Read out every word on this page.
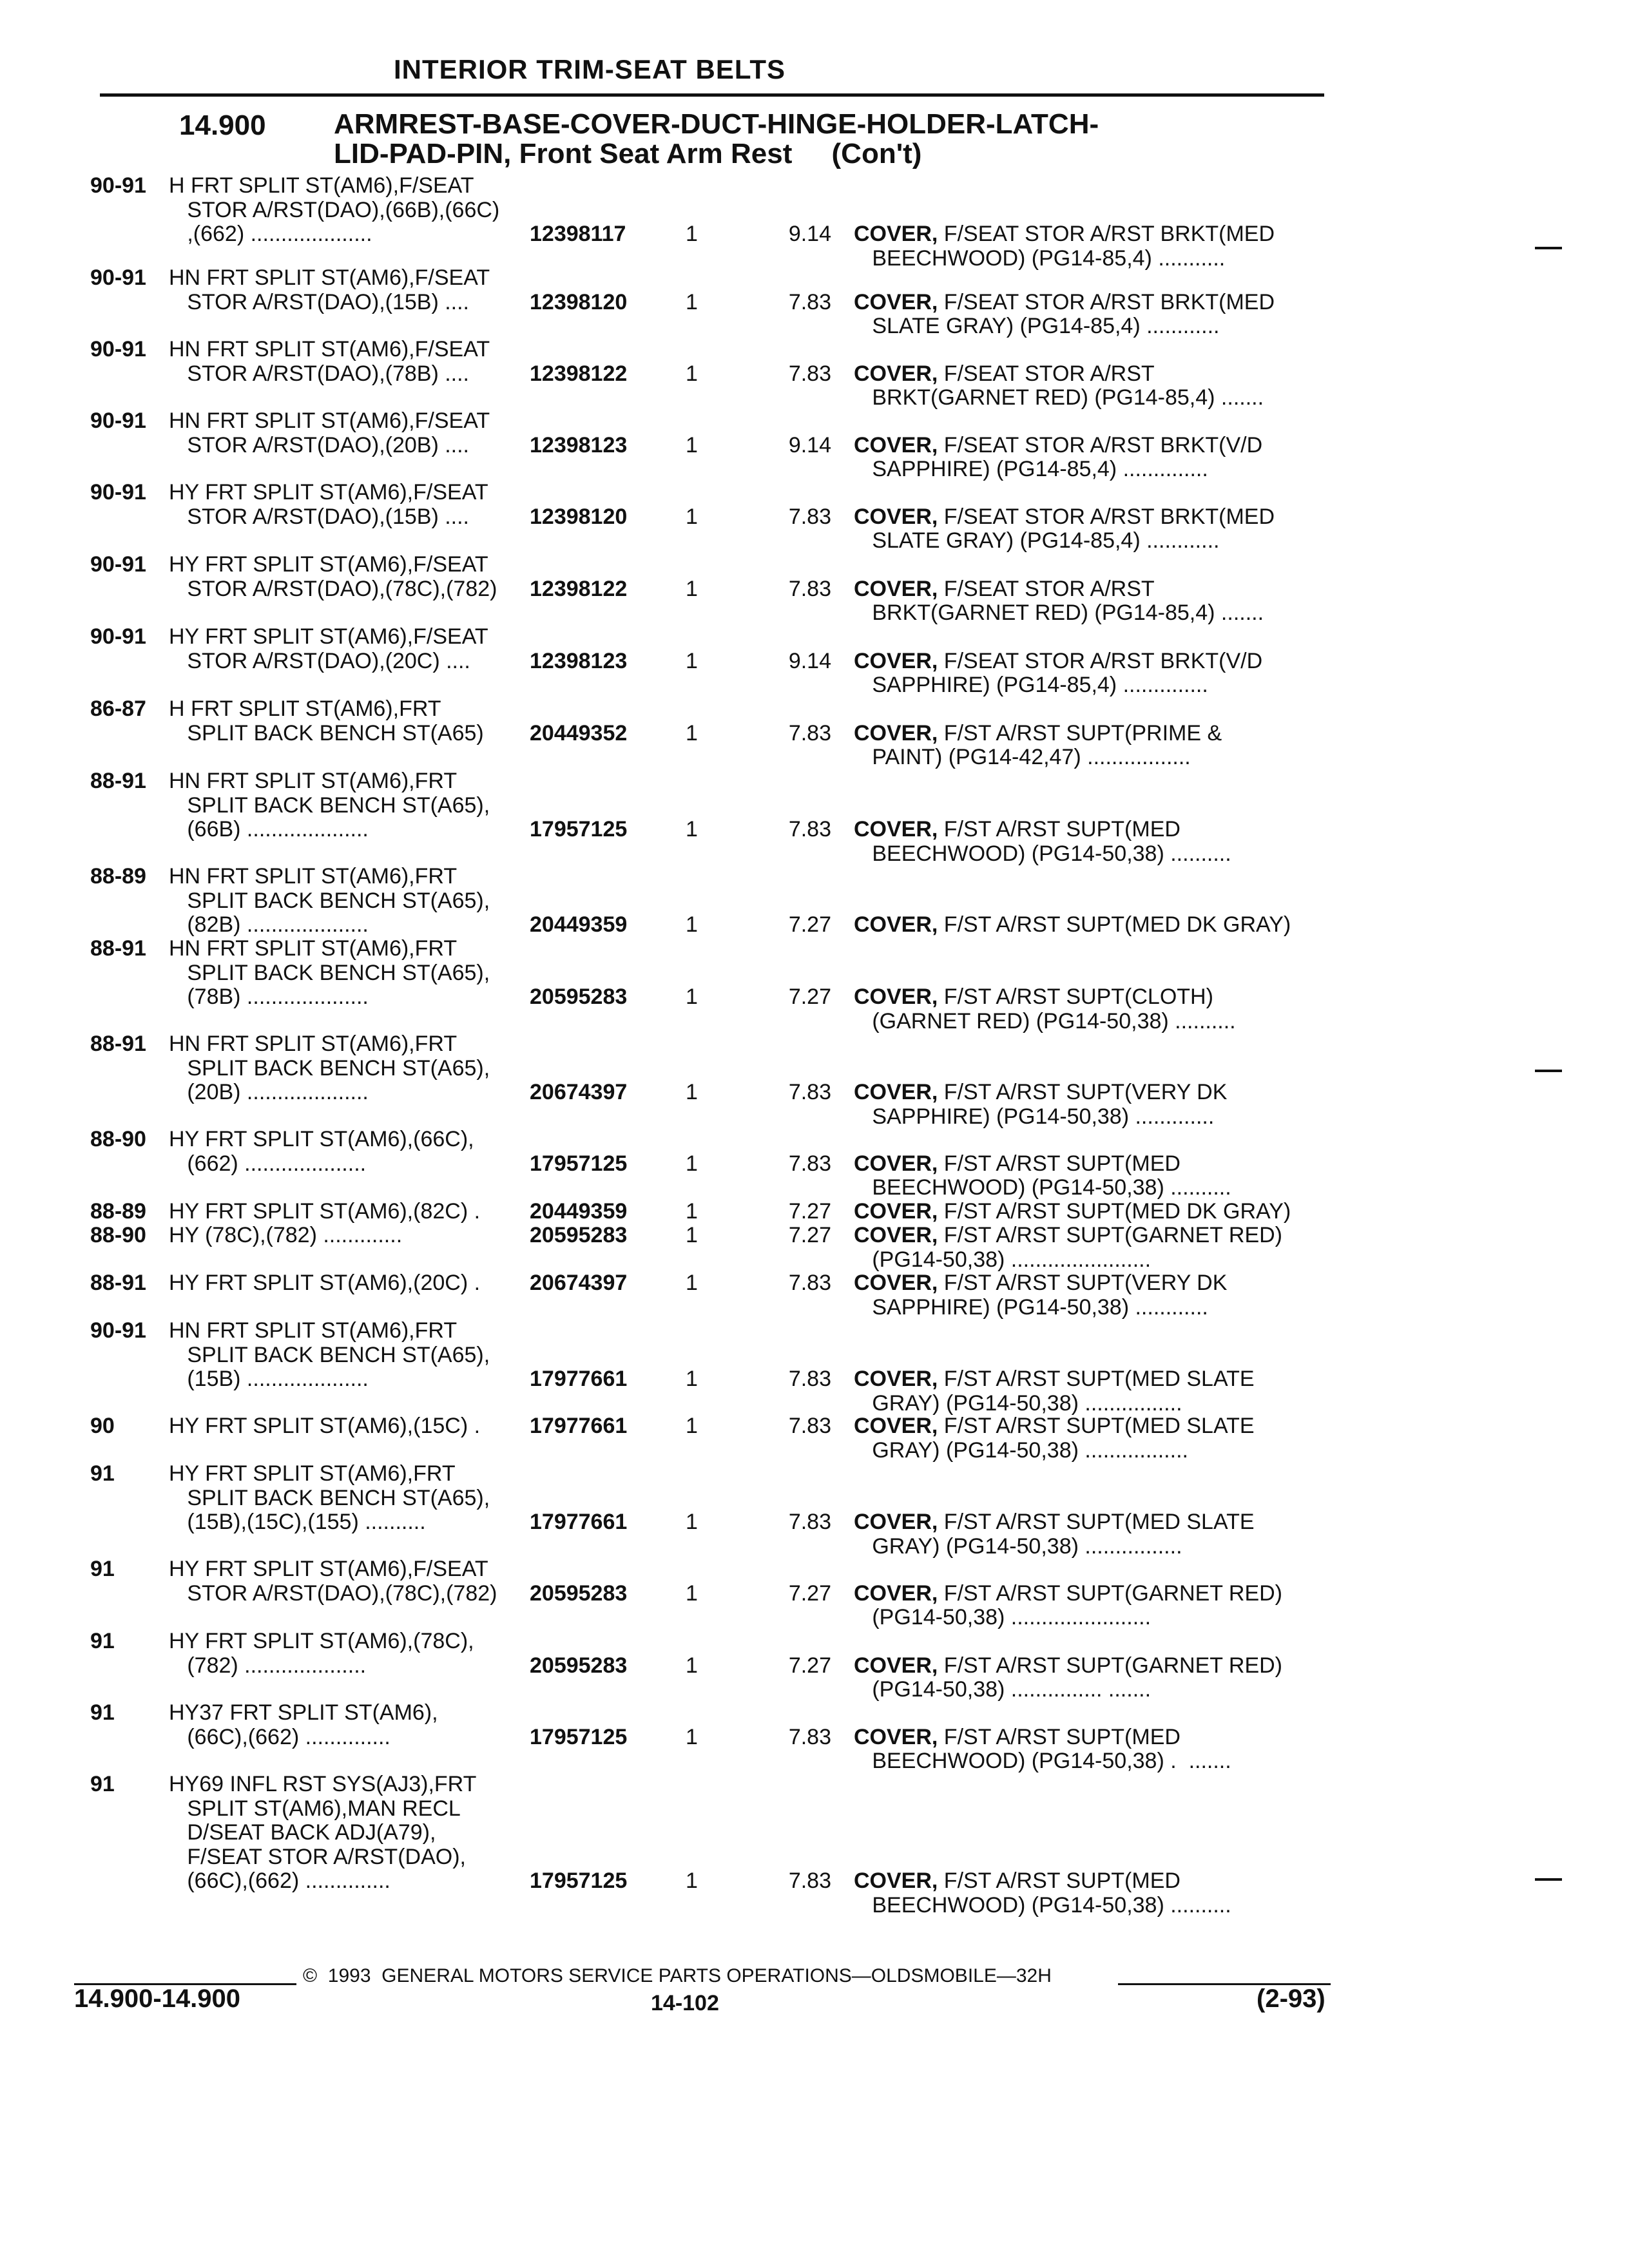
INTERIOR TRIM-SEAT BELTS
14.900 ARMREST-BASE-COVER-DUCT-HINGE-HOLDER-LATCH-
LID-PAD-PIN, Front Seat Arm Rest     (Con't)
90-91 H FRT SPLIT ST(AM6),F/SEAT
STOR A/RST(DAO),(66B),(66C)
,(662) ....................	12398117	1	9.14 COVER, F/SEAT STOR A/RST BRKT(MED
BEECHWOOD) (PG14-85,4) ...........
90-91 HN FRT SPLIT ST(AM6),F/SEAT
STOR A/RST(DAO),(15B) ....	12398120	1	7.83 COVER, F/SEAT STOR A/RST BRKT(MED
SLATE GRAY) (PG14-85,4) ............
90-91 HN FRT SPLIT ST(AM6),F/SEAT
STOR A/RST(DAO),(78B) ....	12398122	1	7.83 COVER, F/SEAT STOR A/RST
BRKT(GARNET RED) (PG14-85,4) .......
90-91 HN FRT SPLIT ST(AM6),F/SEAT
STOR A/RST(DAO),(20B) ....	12398123	1	9.14 COVER, F/SEAT STOR A/RST BRKT(V/D
SAPPHIRE) (PG14-85,4) ..............
90-91 HY FRT SPLIT ST(AM6),F/SEAT
STOR A/RST(DAO),(15B) ....	12398120	1	7.83 COVER, F/SEAT STOR A/RST BRKT(MED
SLATE GRAY) (PG14-85,4) ............
90-91 HY FRT SPLIT ST(AM6),F/SEAT
STOR A/RST(DAO),(78C),(782) 12398122	1	7.83 COVER, F/SEAT STOR A/RST
BRKT(GARNET RED) (PG14-85,4) .......
90-91 HY FRT SPLIT ST(AM6),F/SEAT
STOR A/RST(DAO),(20C) ....	12398123	1	9.14 COVER, F/SEAT STOR A/RST BRKT(V/D
SAPPHIRE) (PG14-85,4) ..............
86-87 H FRT SPLIT ST(AM6),FRT
SPLIT BACK BENCH ST(A65) 20449352	1	7.83 COVER, F/ST A/RST SUPT(PRIME &
PAINT) (PG14-42,47) .................
88-91 HN FRT SPLIT ST(AM6),FRT
SPLIT BACK BENCH ST(A65),
(66B) ....................	17957125	1	7.83 COVER, F/ST A/RST SUPT(MED
BEECHWOOD) (PG14-50,38) ..........
88-89 HN FRT SPLIT ST(AM6),FRT
SPLIT BACK BENCH ST(A65),
(82B) ....................	20449359	1	7.27 COVER, F/ST A/RST SUPT(MED DK GRAY)
88-91 HN FRT SPLIT ST(AM6),FRT
SPLIT BACK BENCH ST(A65),
(78B) ....................	20595283	1	7.27 COVER, F/ST A/RST SUPT(CLOTH)
(GARNET RED) (PG14-50,38) ..........
88-91 HN FRT SPLIT ST(AM6),FRT
SPLIT BACK BENCH ST(A65),
(20B) ....................	20674397	1	7.83 COVER, F/ST A/RST SUPT(VERY DK
SAPPHIRE) (PG14-50,38) .............
88-90 HY FRT SPLIT ST(AM6),(66C),
(662) ....................	17957125	1	7.83 COVER, F/ST A/RST SUPT(MED
BEECHWOOD) (PG14-50,38) ..........
88-89 HY FRT SPLIT ST(AM6),(82C) . 20449359	1	7.27 COVER, F/ST A/RST SUPT(MED DK GRAY)
88-90 HY (78C),(782) .............	20595283	1	7.27 COVER, F/ST A/RST SUPT(GARNET RED)
(PG14-50,38) .......................
88-91 HY FRT SPLIT ST(AM6),(20C) . 20674397	1	7.83 COVER, F/ST A/RST SUPT(VERY DK
SAPPHIRE) (PG14-50,38) ............
90-91 HN FRT SPLIT ST(AM6),FRT
SPLIT BACK BENCH ST(A65),
(15B) ....................	17977661	1	7.83 COVER, F/ST A/RST SUPT(MED SLATE
GRAY) (PG14-50,38) ................
90 HY FRT SPLIT ST(AM6),(15C) . 17977661	1	7.83 COVER, F/ST A/RST SUPT(MED SLATE
GRAY) (PG14-50,38) .................
91 HY FRT SPLIT ST(AM6),FRT
SPLIT BACK BENCH ST(A65),
(15B),(15C),(155) ..........	17977661	1	7.83 COVER, F/ST A/RST SUPT(MED SLATE
GRAY) (PG14-50,38) ................
91 HY FRT SPLIT ST(AM6),F/SEAT
STOR A/RST(DAO),(78C),(782) 20595283	1	7.27 COVER, F/ST A/RST SUPT(GARNET RED)
(PG14-50,38) .......................
91 HY FRT SPLIT ST(AM6),(78C),
(782) ....................	20595283	1	7.27 COVER, F/ST A/RST SUPT(GARNET RED)
(PG14-50,38) ............... .......
91 HY37 FRT SPLIT ST(AM6),
(66C),(662) ..............	17957125	1	7.83 COVER, F/ST A/RST SUPT(MED
BEECHWOOD) (PG14-50,38) .  .......
91 HY69 INFL RST SYS(AJ3),FRT
SPLIT ST(AM6),MAN RECL
D/SEAT BACK ADJ(A79),
F/SEAT STOR A/RST(DAO),
(66C),(662) ..............	17957125	1	7.83 COVER, F/ST A/RST SUPT(MED
BEECHWOOD) (PG14-50,38) ..........
©  1993  GENERAL MOTORS SERVICE PARTS OPERATIONS—OLDSMOBILE—32H
14.900-14.900	14-102	(2-93)
